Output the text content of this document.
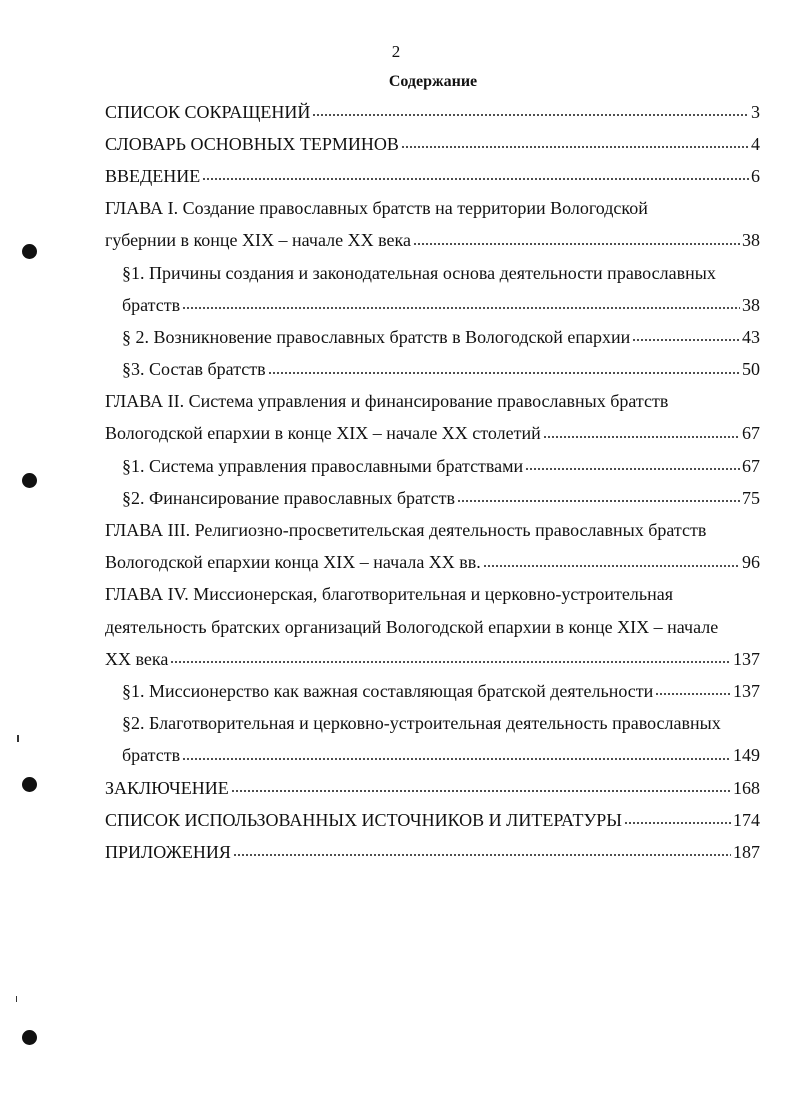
2
Содержание
СПИСОК СОКРАЩЕНИЙ	3
СЛОВАРЬ ОСНОВНЫХ ТЕРМИНОВ	4
ВВЕДЕНИЕ	6
ГЛАВА I. Создание православных братств на территории Вологодской
губернии в конце XIX – начале XX века	38
§1. Причины создания и законодательная основа деятельности православных
братств	38
§ 2. Возникновение православных братств в Вологодской епархии	43
§3. Состав братств	50
ГЛАВА II. Система управления и финансирование православных братств
Вологодской епархии в конце XIX – начале XX столетий	67
§1. Система управления православными братствами	67
§2. Финансирование православных братств	75
ГЛАВА III. Религиозно-просветительская деятельность православных братств
Вологодской епархии конца XIX – начала XX вв.	96
ГЛАВА IV. Миссионерская, благотворительная и церковно-устроительная
деятельность братских организаций Вологодской епархии в конце XIX – начале
XX века	137
§1. Миссионерство как важная составляющая братской деятельности	137
§2. Благотворительная и церковно-устроительная деятельность православных
братств	149
ЗАКЛЮЧЕНИЕ	168
СПИСОК ИСПОЛЬЗОВАННЫХ ИСТОЧНИКОВ И ЛИТЕРАТУРЫ	174
ПРИЛОЖЕНИЯ	187
